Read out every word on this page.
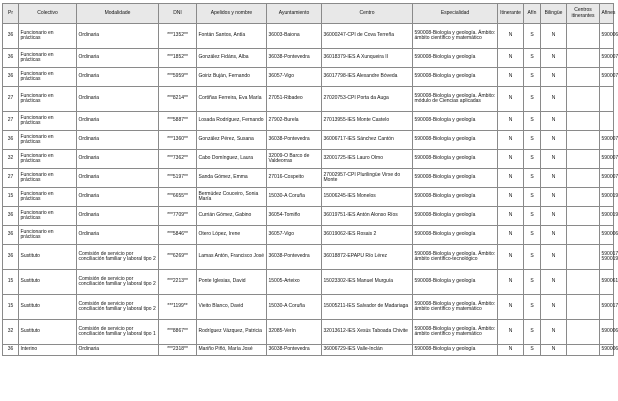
Pr	Colectivo	Modalidade	DNI	Apelidos y nombre	Ayuntamiento	Centro	Especialidad	Itinerante	Afín	Bilingüe	Centros itinerantes	Afines
36	Funcionario en prácticas	Ordinaria	***1352**	Fontán Santos, Antía	36003-Baiona	36000247-CPI de Cova Terreña	590008-Biología y geología. Ámbito: ámbito científico y matemático	N	S	N		590006

36	Funcionario en prácticas	Ordinaria	***1852**	González Fidáns, Alba	36038-Pontevedra	36018379-IES A Xunqueira II	590008-Biología y geología	N	S	N		590007

36	Funcionario en prácticas	Ordinaria	***5959**	Goiriz Buján, Fernando	36057-Vigo	36017798-IES Alexandre Bóveda	590008-Biología y geología	N	S	N		590007

27	Funcionario en prácticas	Ordinaria	***8214**	Cortiñas Ferreira, Eva María	27051-Ribadeo	27020753-CPI Porta da Auga	590008-Biología y geología. Ámbito: módulo de Ciencias aplicadas	N	S	N		
27	Funcionario en prácticas	Ordinaria	***5887**	Losada Rodríguez, Fernando	27902-Burela	27013955-IES Monte Castelo	590008-Biología y geología	N	S	N		
36	Funcionario en prácticas	Ordinaria	***1360**	González Pérez, Susana	36038-Pontevedra	36006717-IES Sánchez Cantón	590008-Biología y geología	N	S	N		590007

32	Funcionario en prácticas	Ordinaria	***7362**	Cabo Domínguez, Laura	32009-O Barco de Valdeorras	32001725-IES Lauro Olmo	590008-Biología y geología	N	S	N		590007

27	Funcionario en prácticas	Ordinaria	***5197**	Sanda Gómez, Emma	27016-Cospeito	27002957-CPI Plurilingüe Virxe do Monte	590008-Biología y geología	N	S	N		590007

15	Funcionario en prácticas	Ordinaria	***6655**	Bermúdez Couceiro, Sonia María	15030-A Coruña	15006245-IES Monelos	590008-Biología y geología	N	S	N		590019

36	Funcionario en prácticas	Ordinaria	***7709**	Currián Gómez, Gabino	36054-Tomiño	36019751-IES Antón Alonso Ríos	590008-Biología y geología	N	S	N		590019

36	Funcionario en prácticas	Ordinaria	***5846**	Otero López, Irene	36057-Vigo	36019062-IES Rosais 2	590008-Biología y geología	N	S	N		590006

36	Sustituto	Comisión de servicio por conciliación familiar y laboral tipo 2	***6269**	Lamas Antón, Francisco José	36038-Pontevedra	36018872-EPAPU Río Lérez	590008-Biología y geología. Ámbito: ámbito científico-tecnológico	N	S	N		590017
590019

15	Sustituto	Comisión de servicio por conciliación familiar y laboral tipo 2	***2213**	Ponte Iglesias, David	15005-Arteixo	15023302-IES Manuel Murguía	590008-Biología y geología	N	S	N		590061

15	Sustituto	Comisión de servicio por conciliación familiar y laboral tipo 2	***1199**	Vieito Blanco, David	15030-A Coruña	15005211-IES Salvador de Madariaga	590008-Biología y geología. Ámbito: ámbito científico y matemático	N	S	N		590017

32	Sustituto	Comisión de servicio por conciliación familiar y laboral tipo 1	***8867**	Rodríguez Vázquez, Patricia	32085-Verín	32013612-IES Xesús Taboada Chivite	590008-Biología y geología. Ámbito: ámbito científico y matemático	N	S	N		590006

36	Interino	Ordinaria	***2318**	Mariño Piñó, María José	36038-Pontevedra	36006729-IES Valle-Inclán	590008-Biología y geología	N	S	N		590006
